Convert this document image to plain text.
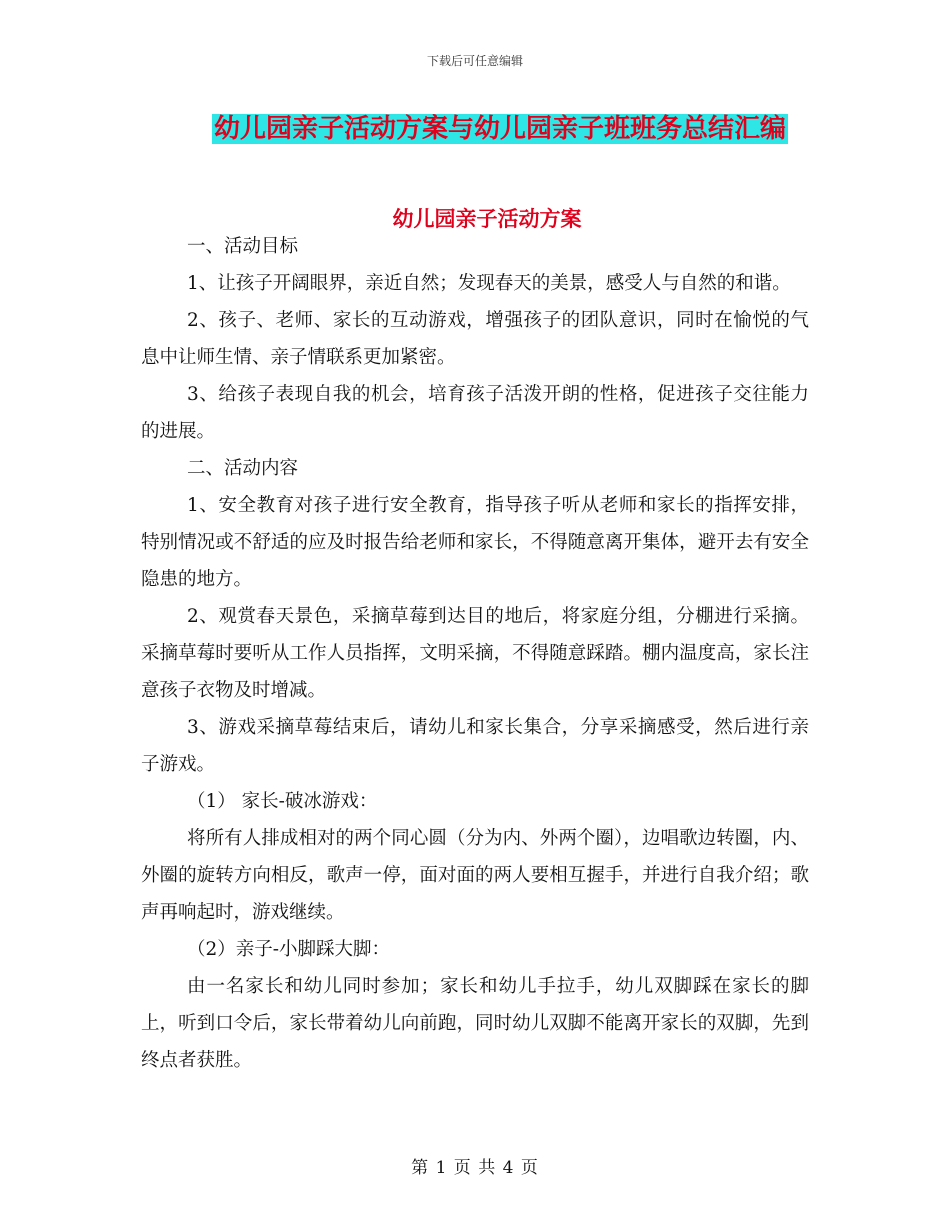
下载后可任意编辑
幼儿园亲子活动方案与幼儿园亲子班班务总结汇编
幼儿园亲子活动方案

一、活动目标

1、让孩子开阔眼界，亲近自然；发现春天的美景，感受人与自然的和谐。

2、孩子、老师、家长的互动游戏，增强孩子的团队意识，同时在愉悦的气息中让师生情、亲子情联系更加紧密。

3、给孩子表现自我的机会，培育孩子活泼开朗的性格，促进孩子交往能力的进展。

二、活动内容

1、安全教育对孩子进行安全教育，指导孩子听从老师和家长的指挥安排，特别情况或不舒适的应及时报告给老师和家长，不得随意离开集体，避开去有安全隐患的地方。

2、观赏春天景色，采摘草莓到达目的地后，将家庭分组，分棚进行采摘。采摘草莓时要听从工作人员指挥，文明采摘，不得随意踩踏。棚内温度高，家长注意孩子衣物及时增减。

3、游戏采摘草莓结束后，请幼儿和家长集合，分享采摘感受，然后进行亲子游戏。

（1） 家长-破冰游戏：

将所有人排成相对的两个同心圆（分为内、外两个圈），边唱歌边转圈，内、外圈的旋转方向相反，歌声一停，面对面的两人要相互握手，并进行自我介绍；歌声再响起时，游戏继续。

（2）亲子-小脚踩大脚：

由一名家长和幼儿同时参加；家长和幼儿手拉手，幼儿双脚踩在家长的脚上，听到口令后，家长带着幼儿向前跑，同时幼儿双脚不能离开家长的双脚，先到终点者获胜。

第 1 页 共 4 页
